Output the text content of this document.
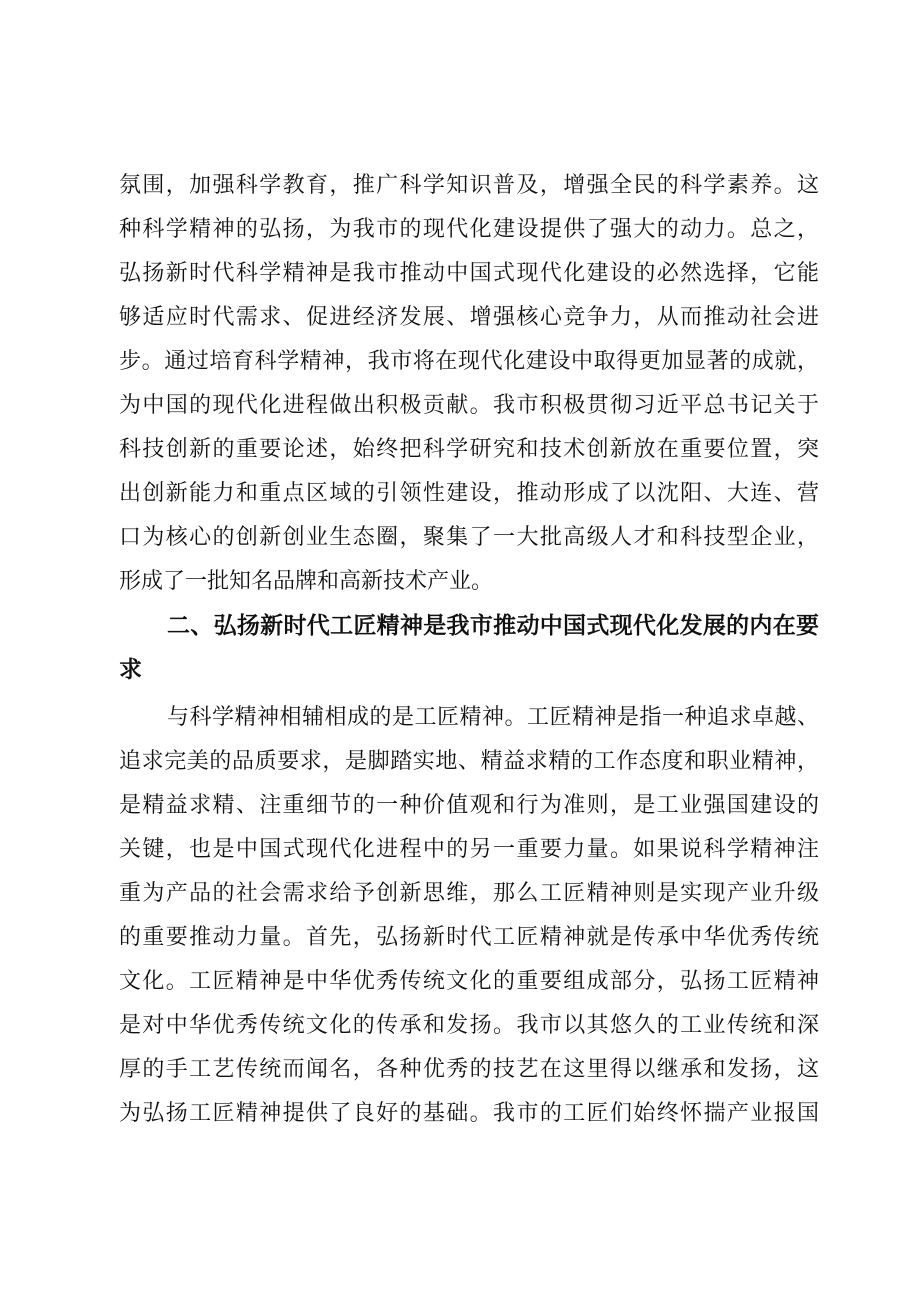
氛围，加强科学教育，推广科学知识普及，增强全民的科学素养。这
种科学精神的弘扬，为我市的现代化建设提供了强大的动力。总之，
弘扬新时代科学精神是我市推动中国式现代化建设的必然选择，它能
够适应时代需求、促进经济发展、增强核心竞争力，从而推动社会进
步。通过培育科学精神，我市将在现代化建设中取得更加显著的成就，
为中国的现代化进程做出积极贡献。我市积极贯彻习近平总书记关于
科技创新的重要论述，始终把科学研究和技术创新放在重要位置，突
出创新能力和重点区域的引领性建设，推动形成了以沈阳、大连、营
口为核心的创新创业生态圈，聚集了一大批高级人才和科技型企业，
形成了一批知名品牌和高新技术产业。
二、弘扬新时代工匠精神是我市推动中国式现代化发展的内在要
求
与科学精神相辅相成的是工匠精神。工匠精神是指一种追求卓越、
追求完美的品质要求，是脚踏实地、精益求精的工作态度和职业精神，
是精益求精、注重细节的一种价值观和行为准则，是工业强国建设的
关键，也是中国式现代化进程中的另一重要力量。如果说科学精神注
重为产品的社会需求给予创新思维，那么工匠精神则是实现产业升级
的重要推动力量。首先，弘扬新时代工匠精神就是传承中华优秀传统
文化。工匠精神是中华优秀传统文化的重要组成部分，弘扬工匠精神
是对中华优秀传统文化的传承和发扬。我市以其悠久的工业传统和深
厚的手工艺传统而闻名，各种优秀的技艺在这里得以继承和发扬，这
为弘扬工匠精神提供了良好的基础。我市的工匠们始终怀揣产业报国
